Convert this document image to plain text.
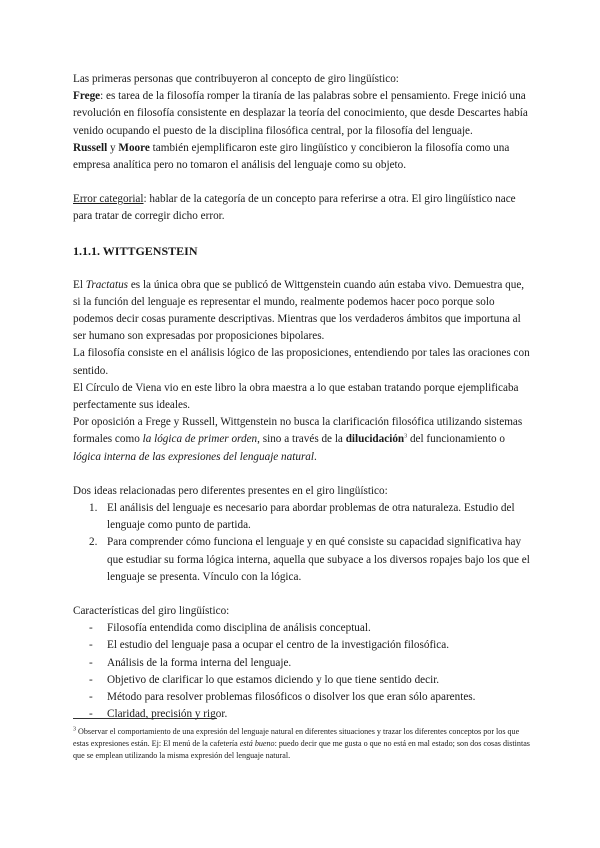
Las primeras personas que contribuyeron al concepto de giro lingüístico:

Frege: es tarea de la filosofía romper la tiranía de las palabras sobre el pensamiento. Frege inició una revolución en filosofía consistente en desplazar la teoría del conocimiento, que desde Descartes había venido ocupando el puesto de la disciplina filosófica central, por la filosofía del lenguaje.

Russell y Moore también ejemplificaron este giro lingüístico y concibieron la filosofía como una empresa analítica pero no tomaron el análisis del lenguaje como su objeto.

Error categorial: hablar de la categoría de un concepto para referirse a otra. El giro lingüístico nace para tratar de corregir dicho error.

1.1.1. WITTGENSTEIN

El Tractatus es la única obra que se publicó de Wittgenstein cuando aún estaba vivo. Demuestra que, si la función del lenguaje es representar el mundo, realmente podemos hacer poco porque solo podemos decir cosas puramente descriptivas. Mientras que los verdaderos ámbitos que importuna al ser humano son expresadas por proposiciones bipolares.

La filosofía consiste en el análisis lógico de las proposiciones, entendiendo por tales las oraciones con sentido.

El Círculo de Viena vio en este libro la obra maestra a lo que estaban tratando porque ejemplificaba perfectamente sus ideales.

Por oposición a Frege y Russell, Wittgenstein no busca la clarificación filosófica utilizando sistemas formales como la lógica de primer orden, sino a través de la dilucidación$^3$ del funcionamiento o lógica interna de las expresiones del lenguaje natural.

Dos ideas relacionadas pero diferentes presentes en el giro lingüístico:

1. El análisis del lenguaje es necesario para abordar problemas de otra naturaleza. Estudio del lenguaje como punto de partida.
2. Para comprender cómo funciona el lenguaje y en qué consiste su capacidad significativa hay que estudiar su forma lógica interna, aquella que subyace a los diversos ropajes bajo los que el lenguaje se presenta. Vínculo con la lógica.

Características del giro lingüístico:

- Filosofía entendida como disciplina de análisis conceptual.
- El estudio del lenguaje pasa a ocupar el centro de la investigación filosófica.
- Análisis de la forma interna del lenguaje.
- Objetivo de clarificar lo que estamos diciendo y lo que tiene sentido decir.
- Método para resolver problemas filosóficos o disolver los que eran sólo aparentes.
- Claridad, precisión y rigor.
$^3$ Observar el comportamiento de una expresión del lenguaje natural en diferentes situaciones y trazar los diferentes conceptos por los que estas expresiones están. Ej: El menú de la cafetería está bueno: puedo decir que me gusta o que no está en mal estado; son dos cosas distintas que se emplean utilizando la misma expresión del lenguaje natural.
